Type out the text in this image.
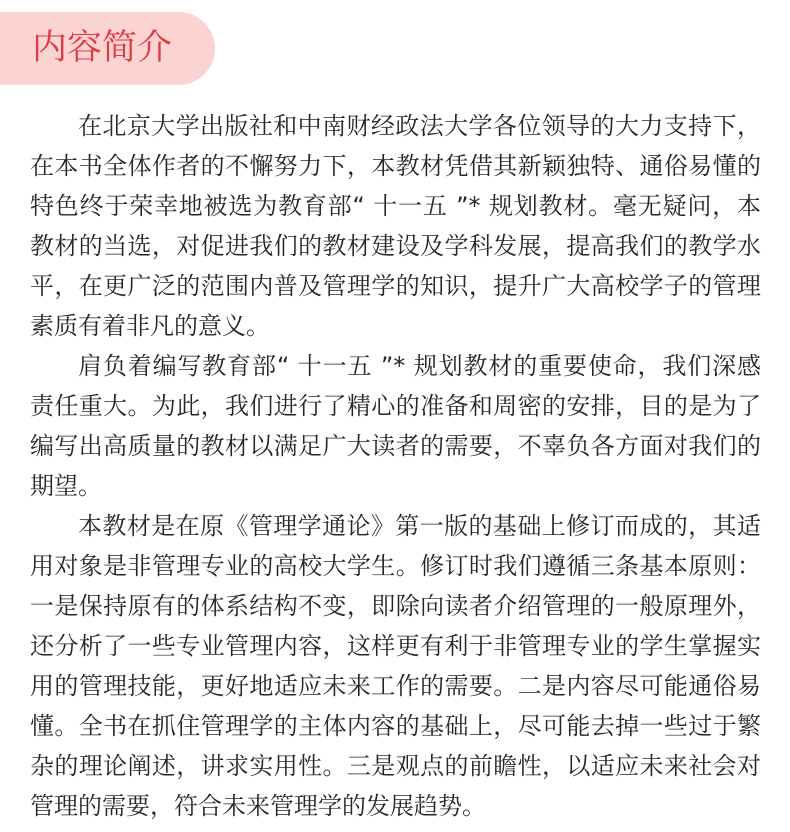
内容简介
在北京大学出版社和中南财经政法大学各位领导的大力支持下，
在本书全体作者的不懈努力下，本教材凭借其新颖独特、通俗易懂的
特色终于荣幸地被选为教育部“ 十一五 ”* 规划教材。毫无疑问，本
教材的当选，对促进我们的教材建设及学科发展，提高我们的教学水
平，在更广泛的范围内普及管理学的知识，提升广大高校学子的管理
素质有着非凡的意义。
肩负着编写教育部“ 十一五 ”* 规划教材的重要使命，我们深感
责任重大。为此，我们进行了精心的准备和周密的安排，目的是为了
编写出高质量的教材以满足广大读者的需要，不辜负各方面对我们的
期望。
本教材是在原《管理学通论》第一版的基础上修订而成的，其适
用对象是非管理专业的高校大学生。修订时我们遵循三条基本原则：
一是保持原有的体系结构不变，即除向读者介绍管理的一般原理外，
还分析了一些专业管理内容，这样更有利于非管理专业的学生掌握实
用的管理技能，更好地适应未来工作的需要。二是内容尽可能通俗易
懂。全书在抓住管理学的主体内容的基础上，尽可能去掉一些过于繁
杂的理论阐述，讲求实用性。三是观点的前瞻性，以适应未来社会对
管理的需要，符合未来管理学的发展趋势。
